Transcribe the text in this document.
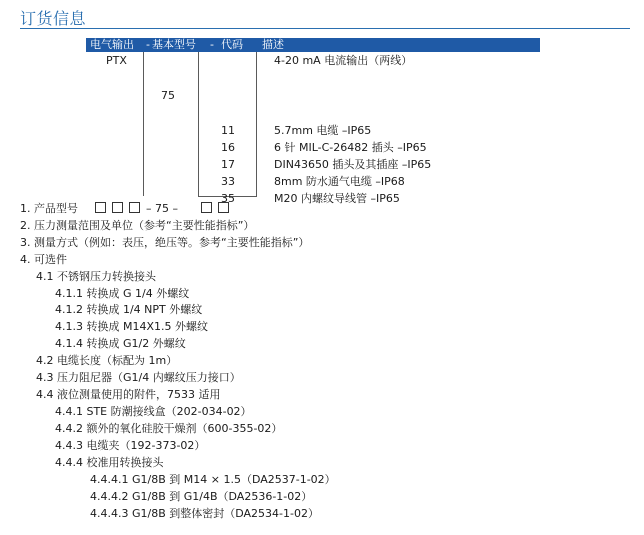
订货信息
电气输出 - 基本型号 - 代码 描述
PTX	4-20 mA 电流输出（两线）
75
11	5.7mm 电缆 –IP65
16	6 针 MIL-C-26482 插头 –IP65
17	DIN43650 插头及其插座 –IP65
33	8mm 防水通气电缆 –IP68
35	M20 内螺纹导线管 –IP65
1. 产品型号	– 75 –
2. 压力测量范围及单位（参考“主要性能指标”）
3. 测量方式（例如：表压，绝压等。参考“主要性能指标”）
4. 可选件
4.1 不锈钢压力转换接头
4.1.1 转换成 G 1/4 外螺纹
4.1.2 转换成 1/4 NPT 外螺纹
4.1.3 转换成 M14X1.5 外螺纹
4.1.4 转换成 G1/2 外螺纹
4.2 电缆长度（标配为 1m）
4.3 压力阻尼器（G1/4 内螺纹压力接口）
4.4 液位测量使用的附件，7533 适用
4.4.1 STE 防潮接线盒（202-034-02）
4.4.2 额外的氧化硅胶干燥剂（600-355-02）
4.4.3 电缆夹（192-373-02）
4.4.4 校准用转换接头
4.4.4.1 G1/8B 到 M14 × 1.5（DA2537-1-02）
4.4.4.2 G1/8B 到 G1/4B（DA2536-1-02）
4.4.4.3 G1/8B 到整体密封（DA2534-1-02）
